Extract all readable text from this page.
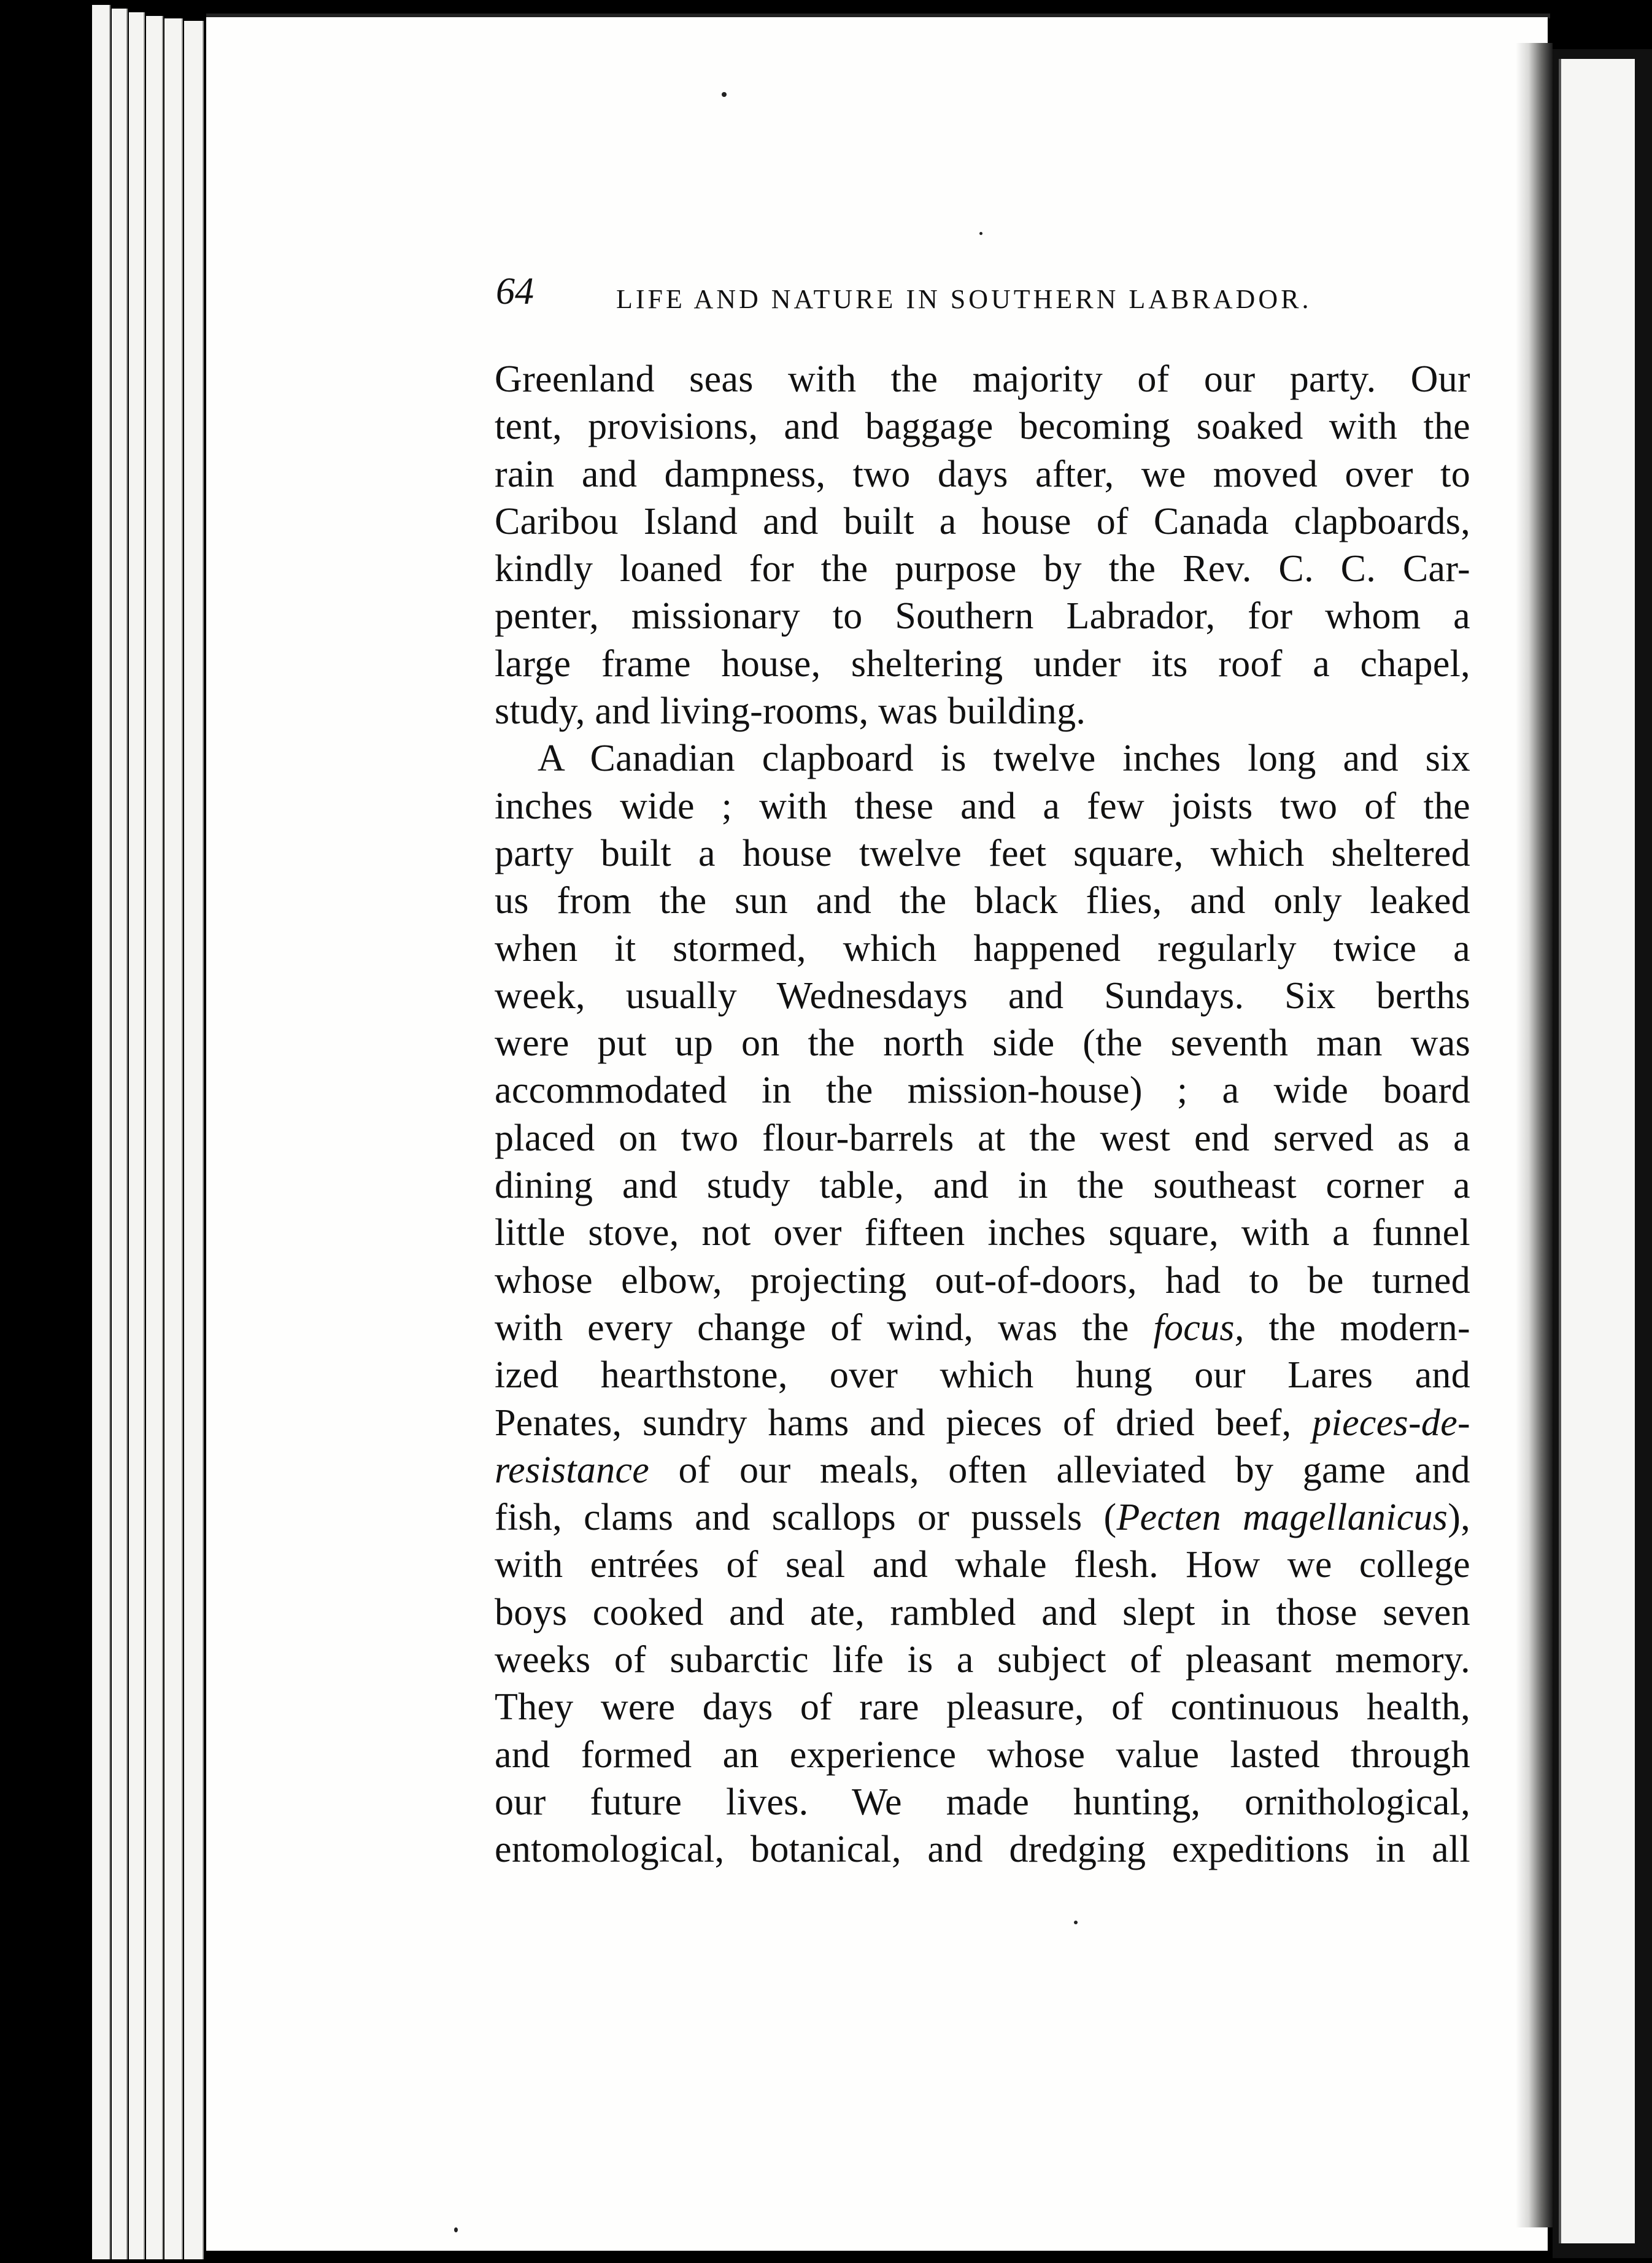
64	LIFE AND NATURE IN SOUTHERN LABRADOR.
Greenland seas with the majority of our party. Our
tent, provisions, and baggage becoming soaked with the
rain and dampness, two days after, we moved over to
Caribou Island and built a house of Canada clapboards,
kindly loaned for the purpose by the Rev. C. C. Car-
penter, missionary to Southern Labrador, for whom a
large frame house, sheltering under its roof a chapel,
study, and living-rooms, was building.
A Canadian clapboard is twelve inches long and six
inches wide ; with these and a few joists two of the
party built a house twelve feet square, which sheltered
us from the sun and the black flies, and only leaked
when it stormed, which happened regularly twice a
week, usually Wednesdays and Sundays. Six berths
were put up on the north side (the seventh man was
accommodated in the mission-house) ; a wide board
placed on two flour-barrels at the west end served as a
dining and study table, and in the southeast corner a
little stove, not over fifteen inches square, with a funnel
whose elbow, projecting out-of-doors, had to be turned
with every change of wind, was the focus, the modern-
ized hearthstone, over which hung our Lares and
Penates, sundry hams and pieces of dried beef, pieces-de-
resistance of our meals, often alleviated by game and
fish, clams and scallops or pussels (Pecten magellanicus),
with entrées of seal and whale flesh. How we college
boys cooked and ate, rambled and slept in those seven
weeks of subarctic life is a subject of pleasant memory.
They were days of rare pleasure, of continuous health,
and formed an experience whose value lasted through
our future lives. We made hunting, ornithological,
entomological, botanical, and dredging expeditions in all
